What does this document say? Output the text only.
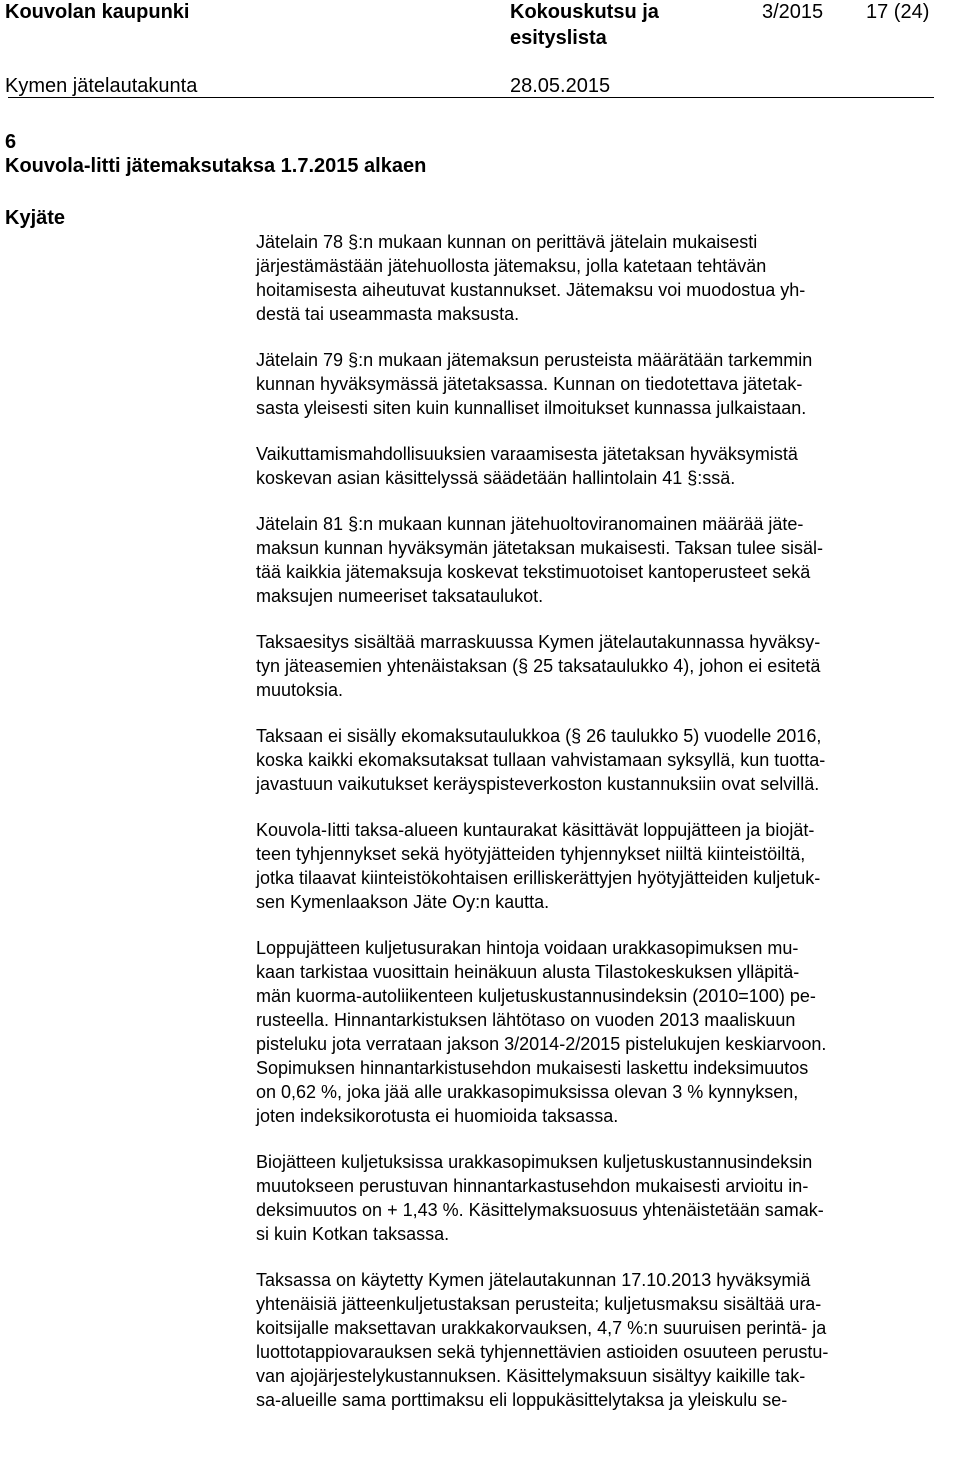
Kouvolan kaupunki	Kokouskutsu ja
esityslista
3/2015 17 (24)
Kymen jätelautakunta	28.05.2015
6
Kouvola-litti jätemaksutaksa 1.7.2015 alkaen
Kyjäte
Jätelain 78 §:n mukaan kunnan on perittävä jätelain mukaisesti
järjestämästään jätehuollosta jätemaksu, jolla katetaan tehtävän
hoitamisesta aiheutuvat kustannukset. Jätemaksu voi muodostua yh-
destä tai useammasta maksusta.
Jätelain 79 §:n mukaan jätemaksun perusteista määrätään tarkemmin
kunnan hyväksymässä jätetaksassa. Kunnan on tiedotettava jätetak-
sasta yleisesti siten kuin kunnalliset ilmoitukset kunnassa julkaistaan.
Vaikuttamismahdollisuuksien varaamisesta jätetaksan hyväksymistä
koskevan asian käsittelyssä säädetään hallintolain 41 §:ssä.
Jätelain 81 §:n mukaan kunnan jätehuoltoviranomainen määrää jäte-
maksun kunnan hyväksymän jätetaksan mukaisesti. Taksan tulee sisäl-
tää kaikkia jätemaksuja koskevat tekstimuotoiset kantoperusteet sekä
maksujen numeeriset taksataulukot.
Taksaesitys sisältää marraskuussa Kymen jätelautakunnassa hyväksy-
tyn jäteasemien yhtenäistaksan (§ 25 taksataulukko 4), johon ei esitetä
muutoksia.
Taksaan ei sisälly ekomaksutaulukkoa (§ 26 taulukko 5) vuodelle 2016,
koska kaikki ekomaksutaksat tullaan vahvistamaan syksyllä, kun tuotta-
javastuun vaikutukset keräyspisteverkoston kustannuksiin ovat selvillä.
Kouvola-Iitti taksa-alueen kuntaurakat käsittävät loppujätteen ja biojät-
teen tyhjennykset sekä hyötyjätteiden tyhjennykset niiltä kiinteistöiltä,
jotka tilaavat kiinteistökohtaisen erilliskerättyjen hyötyjätteiden kuljetuk-
sen Kymenlaakson Jäte Oy:n kautta.
Loppujätteen kuljetusurakan hintoja voidaan urakkasopimuksen mu-
kaan tarkistaa vuosittain heinäkuun alusta Tilastokeskuksen ylläpitä-
män kuorma-autoliikenteen kuljetuskustannusindeksin (2010=100) pe-
rusteella. Hinnantarkistuksen lähtötaso on vuoden 2013 maaliskuun
pisteluku jota verrataan jakson 3/2014-2/2015 pistelukujen keskiarvoon.
Sopimuksen hinnantarkistusehdon mukaisesti laskettu indeksimuutos
on 0,62 %, joka jää alle urakkasopimuksissa olevan 3 % kynnyksen,
joten indeksikorotusta ei huomioida taksassa.
Biojätteen kuljetuksissa urakkasopimuksen kuljetuskustannusindeksin
muutokseen perustuvan hinnantarkastusehdon mukaisesti arvioitu in-
deksimuutos on + 1,43 %. Käsittelymaksuosuus yhtenäistetään samak-
si kuin Kotkan taksassa.
Taksassa on käytetty Kymen jätelautakunnan 17.10.2013 hyväksymiä
yhtenäisiä jätteenkuljetustaksan perusteita; kuljetusmaksu sisältää ura-
koitsijalle maksettavan urakkakorvauksen, 4,7 %:n suuruisen perintä- ja
luottotappiovarauksen sekä tyhjennettävien astioiden osuuteen perustu-
van ajojärjestelykustannuksen. Käsittelymaksuun sisältyy kaikille tak-
sa-alueille sama porttimaksu eli loppukäsittelytaksa ja yleiskulu se-
